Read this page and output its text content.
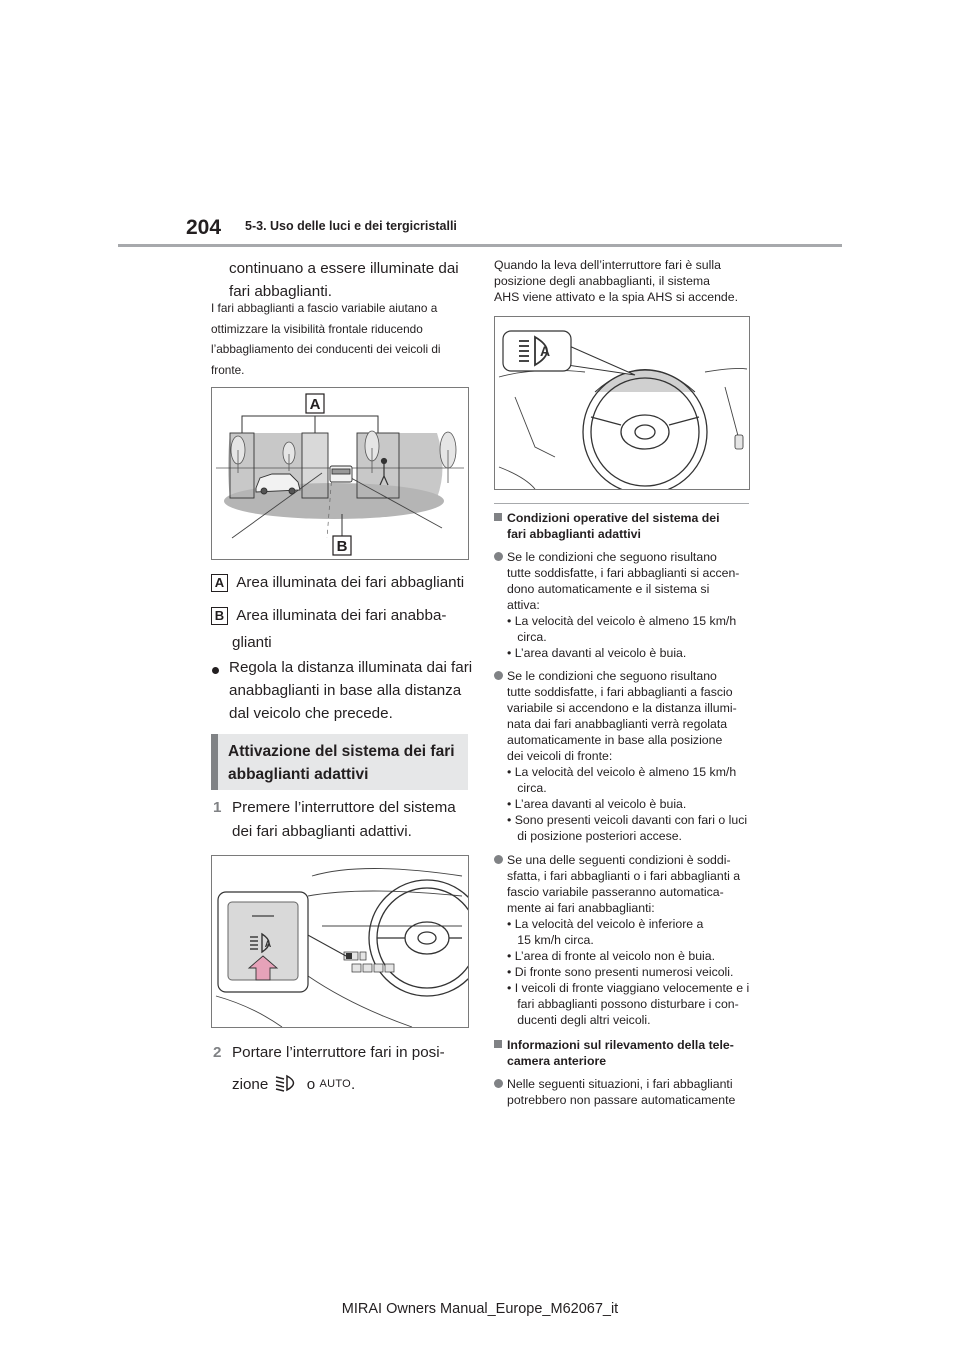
204 5-3. Uso delle luci e dei tergicristalli

continuano a essere illuminate dai

fari abbaglianti.

I fari abbaglianti a fascio variabile aiutano a

ottimizzare la visibilità frontale riducendo

l’abbagliamento dei conducenti dei veicoli di

fronte.

A
B
A Area illuminata dei fari abbaglianti
B Area illuminata dei fari anabba-
glianti

Regola la distanza illuminata dai fari

anabbaglianti in base alla distanza

dal veicolo che precede.

Attivazione del sistema dei fari

abbaglianti adattivi

1 Premere l’interruttore del sistema

dei fari abbaglianti adattivi.

A
2 Portare l’interruttore fari in posi-
zione	o AUTO.

Quando la leva dell’interruttore fari è sulla

posizione degli anabbaglianti, il sistema

AHS viene attivato e la spia AHS si accende.

A

Condizioni operative del sistema dei

fari abbaglianti adattivi

Se le condizioni che seguono risultano

tutte soddisfatte, i fari abbaglianti si accen-

dono automaticamente e il sistema si

attiva:

• La velocità del veicolo è almeno 15 km/h

circa.

• L’area davanti al veicolo è buia.

Se le condizioni che seguono risultano

tutte soddisfatte, i fari abbaglianti a fascio

variabile si accendono e la distanza illumi-

nata dai fari anabbaglianti verrà regolata

automaticamente in base alla posizione

dei veicoli di fronte:

• La velocità del veicolo è almeno 15 km/h

circa.

• L’area davanti al veicolo è buia.

• Sono presenti veicoli davanti con fari o luci

di posizione posteriori accese.

Se una delle seguenti condizioni è soddi-

sfatta, i fari abbaglianti o i fari abbaglianti a

fascio variabile passeranno automatica-

mente ai fari anabbaglianti:

• La velocità del veicolo è inferiore a

15 km/h circa.

• L’area di fronte al veicolo non è buia.

• Di fronte sono presenti numerosi veicoli.

• I veicoli di fronte viaggiano velocemente e i

fari abbaglianti possono disturbare i con-

ducenti degli altri veicoli.

Informazioni sul rilevamento della tele-

camera anteriore

Nelle seguenti situazioni, i fari abbaglianti

potrebbero non passare automaticamente

MIRAI Owners Manual_Europe_M62067_it
